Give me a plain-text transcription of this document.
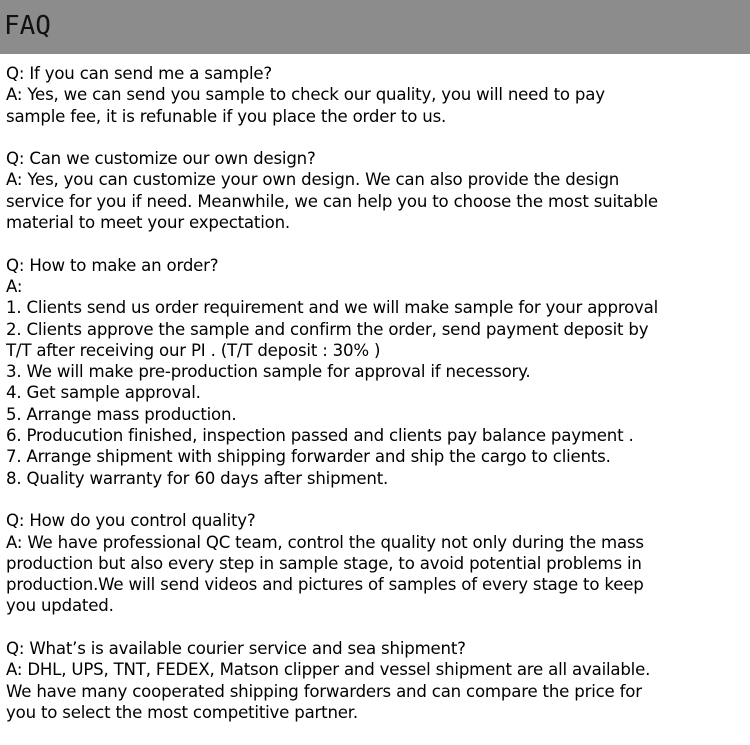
FAQ
Q: If you can send me a sample?
A: Yes, we can send you sample to check our quality, you will need to pay
sample fee, it is refunable if you place the order to us.
Q: Can we customize our own design?
A: Yes, you can customize your own design. We can also provide the design
service for you if need. Meanwhile, we can help you to choose the most suitable
material to meet your expectation.
Q: How to make an order?
A:
1. Clients send us order requirement and we will make sample for your approval
2. Clients approve the sample and confirm the order, send payment deposit by
T/T after receiving our PI . (T/T deposit : 30% )
3. We will make pre-production sample for approval if necessory.
4. Get sample approval.
5. Arrange mass production.
6. Producution finished, inspection passed and clients pay balance payment .
7. Arrange shipment with shipping forwarder and ship the cargo to clients.
8. Quality warranty for 60 days after shipment.
Q: How do you control quality?
A: We have professional QC team, control the quality not only during the mass
production but also every step in sample stage, to avoid potential problems in
production.We will send videos and pictures of samples of every stage to keep
you updated.
Q: What’s is available courier service and sea shipment?
A: DHL, UPS, TNT, FEDEX, Matson clipper and vessel shipment are all available.
We have many cooperated shipping forwarders and can compare the price for
you to select the most competitive partner.
